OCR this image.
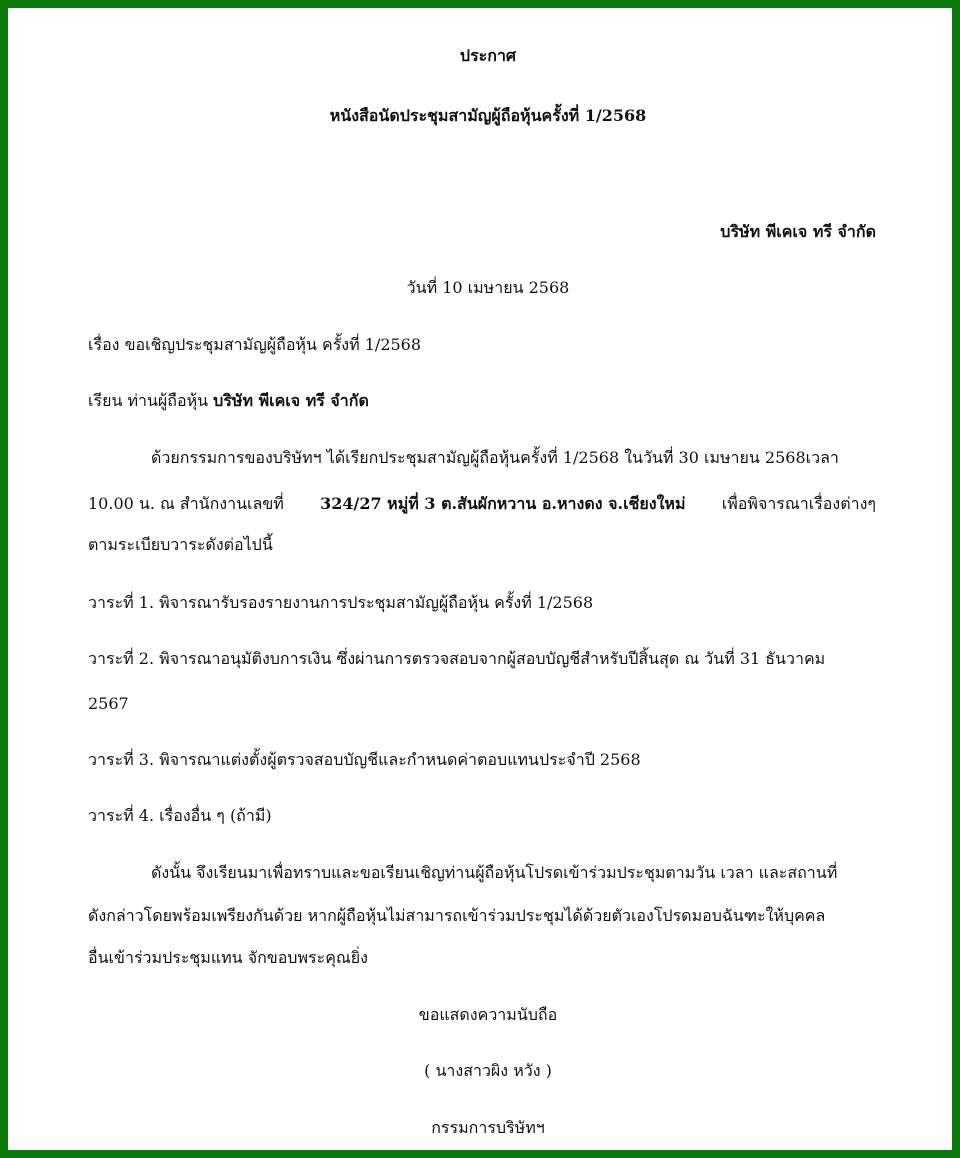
ประกาศ
หนังสือนัดประชุมสามัญผู้ถือหุ้นครั้งที่ 1/2568
บริษัท พีเคเจ ทรี จำกัด
วันที่ 10 เมษายน 2568
เรื่อง ขอเชิญประชุมสามัญผู้ถือหุ้น ครั้งที่ 1/2568
เรียน ท่านผู้ถือหุ้น บริษัท พีเคเจ ทรี จำกัด
ด้วยกรรมการของบริษัทฯ ได้เรียกประชุมสามัญผู้ถือหุ้นครั้งที่ 1/2568 ในวันที่ 30 เมษายน 2568เวลา
10.00 น. ณ สำนักงานเลขที่ 324/27 หมู่ที่ 3 ต.สันผักหวาน อ.หางดง จ.เชียงใหม่ เพื่อพิจารณาเรื่องต่างๆ
ตามระเบียบวาระดังต่อไปนี้
วาระที่ 1. พิจารณารับรองรายงานการประชุมสามัญผู้ถือหุ้น ครั้งที่ 1/2568
วาระที่ 2. พิจารณาอนุมัติงบการเงิน ซึ่งผ่านการตรวจสอบจากผู้สอบบัญชีสำหรับปีสิ้นสุด ณ วันที่ 31 ธันวาคม
2567
วาระที่ 3. พิจารณาแต่งตั้งผู้ตรวจสอบบัญชีและกำหนดค่าตอบแทนประจำปี 2568
วาระที่ 4. เรื่องอื่น ๆ (ถ้ามี)
ดังนั้น จึงเรียนมาเพื่อทราบและขอเรียนเชิญท่านผู้ถือหุ้นโปรดเข้าร่วมประชุมตามวัน เวลา และสถานที่
ดังกล่าวโดยพร้อมเพรียงกันด้วย หากผู้ถือหุ้นไม่สามารถเข้าร่วมประชุมได้ด้วยตัวเองโปรดมอบฉันฑะให้บุคคล
อื่นเข้าร่วมประชุมแทน จักขอบพระคุณยิ่ง
ขอแสดงความนับถือ
( นางสาวผิง หวัง )
กรรมการบริษัทฯ
